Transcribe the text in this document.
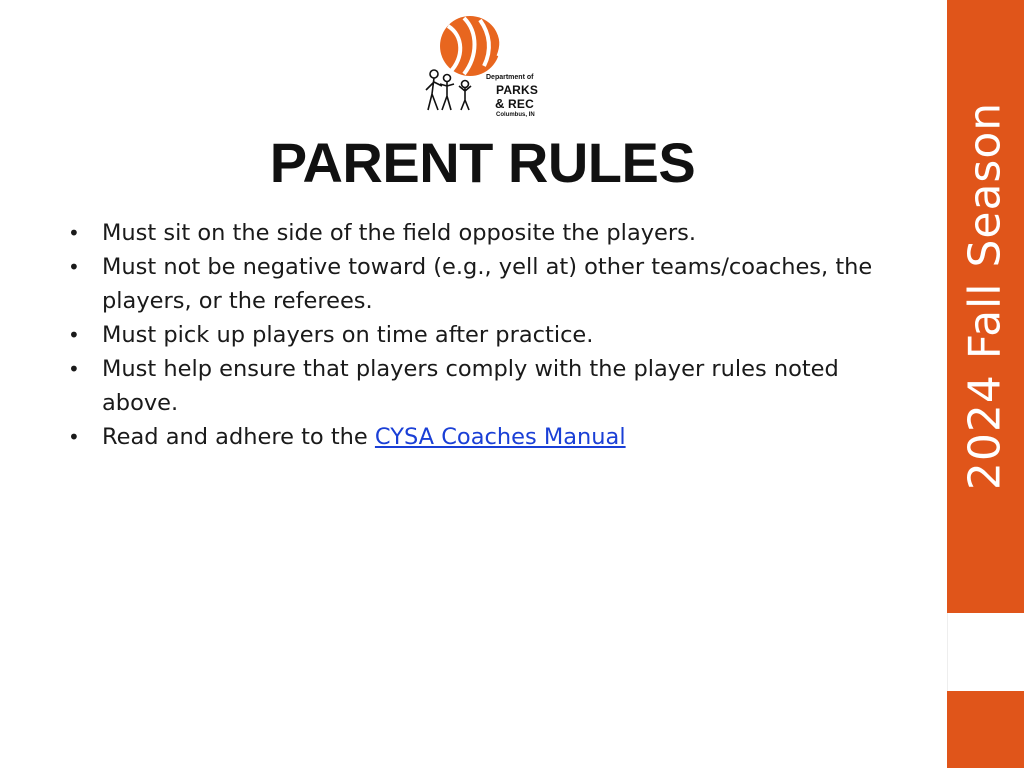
Department of
PARKS
& REC
Columbus, IN
PARENT RULES
• Must sit on the side of the field opposite the players.
• Must not be negative toward (e.g., yell at) other teams/coaches, the players, or the referees.
• Must pick up players on time after practice.
• Must help ensure that players comply with the player rules noted above.
• Read and adhere to the CYSA Coaches Manual	2024 Fall Season
